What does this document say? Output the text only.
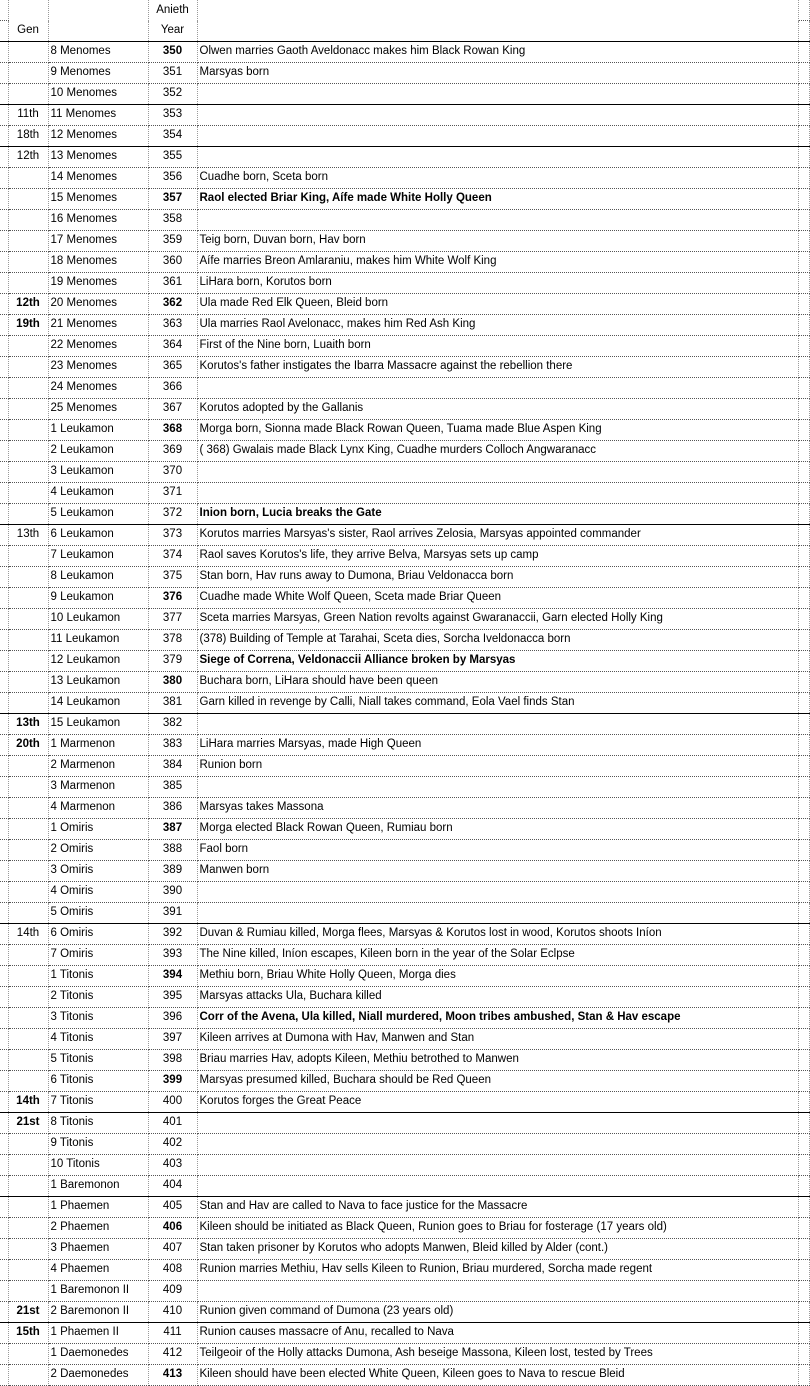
			Anieth		
	Gen		Year		
		8 Menomes	350	Olwen marries Gaoth Aveldonacc makes him Black Rowan King	
		9 Menomes	351	Marsyas born	
		10 Menomes	352		
	11th	11 Menomes	353		
	18th	12 Menomes	354		
	12th	13 Menomes	355		
		14 Menomes	356	Cuadhe born, Sceta born	
		15 Menomes	357	Raol elected Briar King, Aífe made White Holly Queen	
		16 Menomes	358		
		17 Menomes	359	Teig born, Duvan born, Hav born	
		18 Menomes	360	Aífe marries Breon Amlaraniu, makes him White Wolf King	
		19 Menomes	361	LiHara born, Korutos born	
	12th	20 Menomes	362	Ula made Red Elk Queen, Bleid born	
	19th	21 Menomes	363	Ula marries Raol Avelonacc, makes him Red Ash King	
		22 Menomes	364	First of the Nine born, Luaith born	
		23 Menomes	365	Korutos's father instigates the Ibarra Massacre against the rebellion there	
		24 Menomes	366		
		25 Menomes	367	Korutos adopted by the Gallanis	
		1 Leukamon	368	Morga born, Sionna made Black Rowan Queen, Tuama made Blue Aspen King	
		2 Leukamon	369	( 368) Gwalais made Black Lynx King, Cuadhe murders Colloch Angwaranacc	
		3 Leukamon	370		
		4 Leukamon	371		
		5 Leukamon	372	Inion born, Lucia breaks the Gate	
	13th	6 Leukamon	373	Korutos marries Marsyas's sister, Raol arrives Zelosia, Marsyas appointed commander	
		7 Leukamon	374	Raol saves Korutos's life, they arrive Belva, Marsyas sets up camp	
		8 Leukamon	375	Stan born, Hav runs away to Dumona, Briau Veldonacca born	
		9 Leukamon	376	Cuadhe made White Wolf Queen, Sceta made Briar Queen	
		10 Leukamon	377	Sceta marries Marsyas, Green Nation revolts against Gwaranaccii, Garn elected Holly King	
		11 Leukamon	378	(378) Building of Temple at Tarahai, Sceta dies, Sorcha Iveldonacca born	
		12 Leukamon	379	Siege of Correna, Veldonaccii Alliance broken by Marsyas	
		13 Leukamon	380	Buchara born, LiHara should have been queen	
		14 Leukamon	381	Garn killed in revenge by Calli, Niall takes command, Eola Vael finds Stan	
	13th	15 Leukamon	382		
	20th	1 Marmenon	383	LiHara marries Marsyas, made High Queen	
		2 Marmenon	384	Runion born	
		3 Marmenon	385		
		4 Marmenon	386	Marsyas takes Massona	
		1 Omiris	387	Morga elected Black Rowan Queen, Rumiau born	
		2 Omiris	388	Faol born	
		3 Omiris	389	Manwen born	
		4 Omiris	390		
		5 Omiris	391		
	14th	6 Omiris	392	Duvan & Rumiau killed, Morga flees, Marsyas & Korutos lost in wood, Korutos shoots Iníon	
		7 Omiris	393	The Nine killed, Iníon escapes, Kileen born in the year of the Solar Eclpse	
		1 Titonis	394	Methiu born, Briau White Holly Queen, Morga dies	
		2 Titonis	395	Marsyas attacks Ula, Buchara killed	
		3 Titonis	396	Corr of the Avena, Ula killed, Niall murdered, Moon tribes ambushed, Stan & Hav escape	
		4 Titonis	397	Kileen arrives at Dumona with Hav, Manwen and Stan	
		5 Titonis	398	Briau marries Hav, adopts Kileen, Methiu betrothed to Manwen	
		6 Titonis	399	Marsyas presumed killed, Buchara should be Red Queen	
	14th	7 Titonis	400	Korutos forges the Great Peace	
	21st	8 Titonis	401		
		9 Titonis	402		
		10 Titonis	403		
		1 Baremonon	404		
		1 Phaemen	405	Stan and Hav are called to Nava to face justice for the Massacre	
		2 Phaemen	406	Kileen should be initiated as Black Queen, Runion goes to Briau for fosterage (17 years old)	
		3 Phaemen	407	Stan taken prisoner by Korutos who adopts Manwen, Bleid killed by Alder (cont.)	
		4 Phaemen	408	Runion marries Methiu, Hav sells Kileen to Runion, Briau murdered, Sorcha made regent	
		1 Baremonon II	409		
	21st	2 Baremonon II	410	Runion given command of Dumona (23 years old)	
	15th	1 Phaemen II	411	Runion causes massacre of Anu, recalled to Nava	
		1 Daemonedes	412	Teilgeoir of the Holly attacks Dumona, Ash beseige Massona, Kileen lost, tested by Trees	
		2 Daemonedes	413	Kileen should have been elected White Queen, Kileen goes to Nava to rescue Bleid	
